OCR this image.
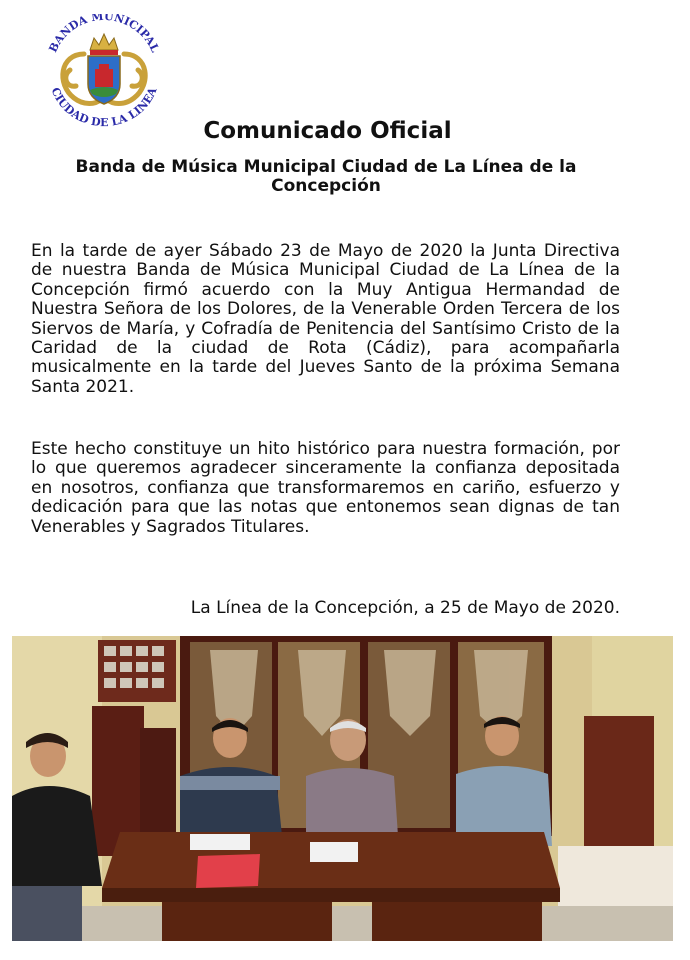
BANDA MUNICIPAL
CIUDAD DE LA LINEA
Comunicado Oficial
Banda de Música Municipal Ciudad de La Línea de la Concepción

En la tarde de ayer Sábado 23 de Mayo de 2020 la Junta Directiva de nuestra Banda de Música Municipal Ciudad de La Línea de la Concepción firmó acuerdo con la Muy Antigua Hermandad de Nuestra Señora de los Dolores, de la Venerable Orden Tercera de los Siervos de María, y Cofradía de Penitencia del Santísimo Cristo de la Caridad de la ciudad de Rota (Cádiz), para acompañarla musicalmente en la tarde del Jueves Santo de la próxima Semana Santa 2021.

Este hecho constituye un hito histórico para nuestra formación, por lo que queremos agradecer sinceramente la confianza depositada en nosotros, confianza que transformaremos en cariño, esfuerzo y dedicación para que las notas que entonemos sean dignas de tan Venerables y Sagrados Titulares.

La Línea de la Concepción, a 25 de Mayo de 2020.
